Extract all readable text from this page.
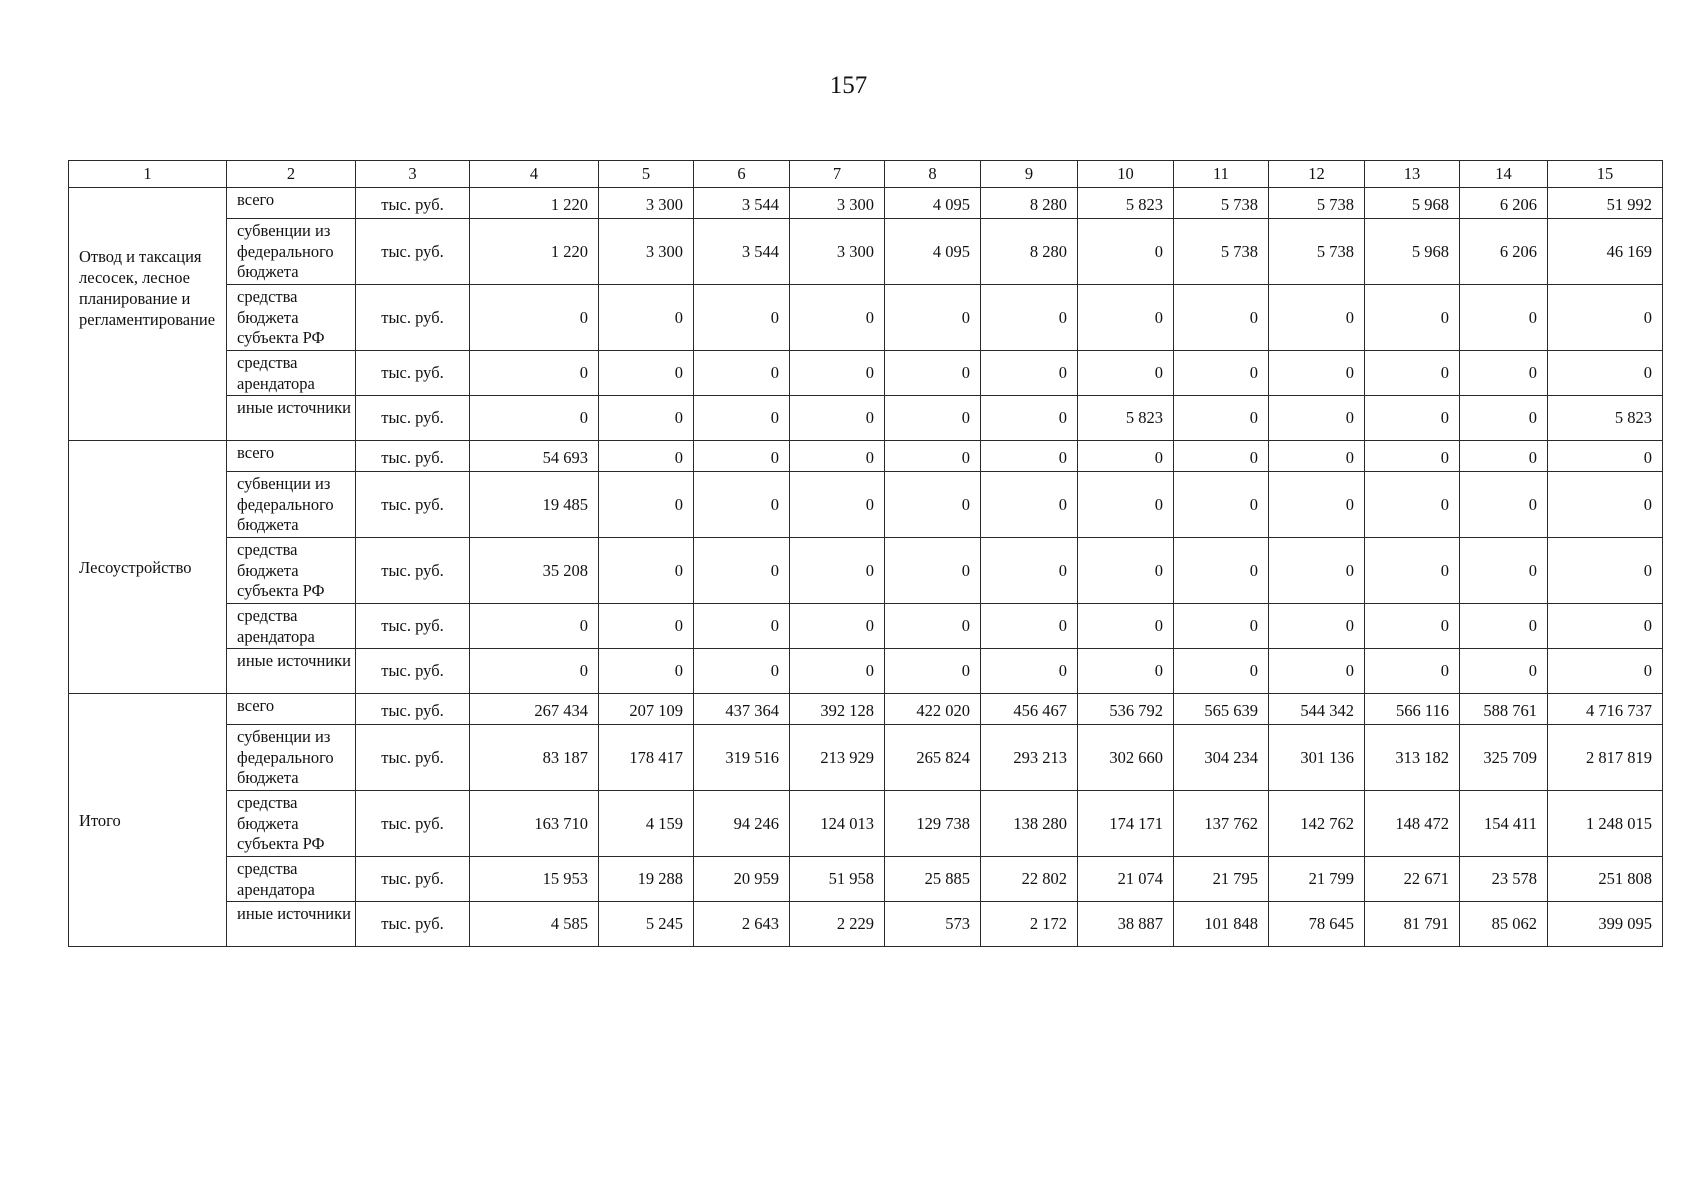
157
1	2	3	4	5	6	7	8	9	10	11	12	13	14	15
Отвод и таксация лесосек, лесное планирование и регламентирование	всего	тыс. руб.	1 220	3 300	3 544	3 300	4 095	8 280	5 823	5 738	5 738	5 968	6 206	51 992
	субвенции из федерального бюджета	тыс. руб.	1 220	3 300	3 544	3 300	4 095	8 280	0	5 738	5 738	5 968	6 206	46 169
	средства бюджета субъекта РФ	тыс. руб.	0	0	0	0	0	0	0	0	0	0	0	0
	средства арендатора	тыс. руб.	0	0	0	0	0	0	0	0	0	0	0	0
	иные источники	тыс. руб.	0	0	0	0	0	0	5 823	0	0	0	0	5 823
Лесоустройство	всего	тыс. руб.	54 693	0	0	0	0	0	0	0	0	0	0	0
	субвенции из федерального бюджета	тыс. руб.	19 485	0	0	0	0	0	0	0	0	0	0	0
	средства бюджета субъекта РФ	тыс. руб.	35 208	0	0	0	0	0	0	0	0	0	0	0
	средства арендатора	тыс. руб.	0	0	0	0	0	0	0	0	0	0	0	0
	иные источники	тыс. руб.	0	0	0	0	0	0	0	0	0	0	0	0
Итого	всего	тыс. руб.	267 434	207 109	437 364	392 128	422 020	456 467	536 792	565 639	544 342	566 116	588 761	4 716 737
	субвенции из федерального бюджета	тыс. руб.	83 187	178 417	319 516	213 929	265 824	293 213	302 660	304 234	301 136	313 182	325 709	2 817 819
	средства бюджета субъекта РФ	тыс. руб.	163 710	4 159	94 246	124 013	129 738	138 280	174 171	137 762	142 762	148 472	154 411	1 248 015
	средства арендатора	тыс. руб.	15 953	19 288	20 959	51 958	25 885	22 802	21 074	21 795	21 799	22 671	23 578	251 808
	иные источники	тыс. руб.	4 585	5 245	2 643	2 229	573	2 172	38 887	101 848	78 645	81 791	85 062	399 095
